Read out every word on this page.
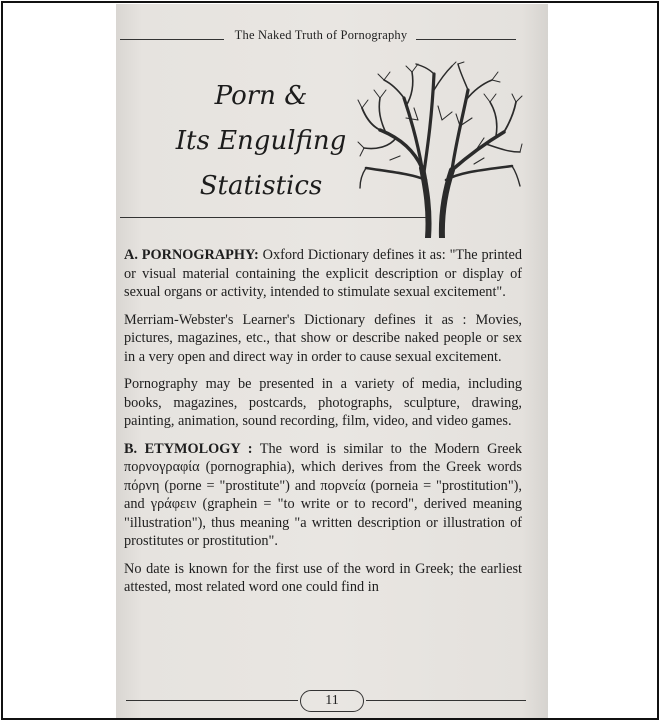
The Naked Truth of Pornography
Porn &
Its Engulfing
Statistics

A. PORNOGRAPHY: Oxford Dictionary defines it as: "The printed or visual material containing the explicit description or display of sexual organs or activity, intended to stimulate sexual excitement".

Merriam-Webster's Learner's Dictionary defines it as : Movies, pictures, magazines, etc., that show or describe naked people or sex in a very open and direct way in order to cause sexual excitement.

Pornography may be presented in a variety of media, including books, magazines, postcards, photographs, sculpture, drawing, painting, animation, sound recording, film, video, and video games.

B. ETYMOLOGY : The word is similar to the Modern Greek πορνογραφία (pornographia), which derives from the Greek words πόρνη (porne = "prostitute") and πορνεία (porneia = "prostitution"), and γράφειν (graphein = "to write or to record", derived meaning "illustration"), thus meaning "a written description or illustration of prostitutes or prostitution".

No date is known for the first use of the word in Greek; the earliest attested, most related word one could find in

11
